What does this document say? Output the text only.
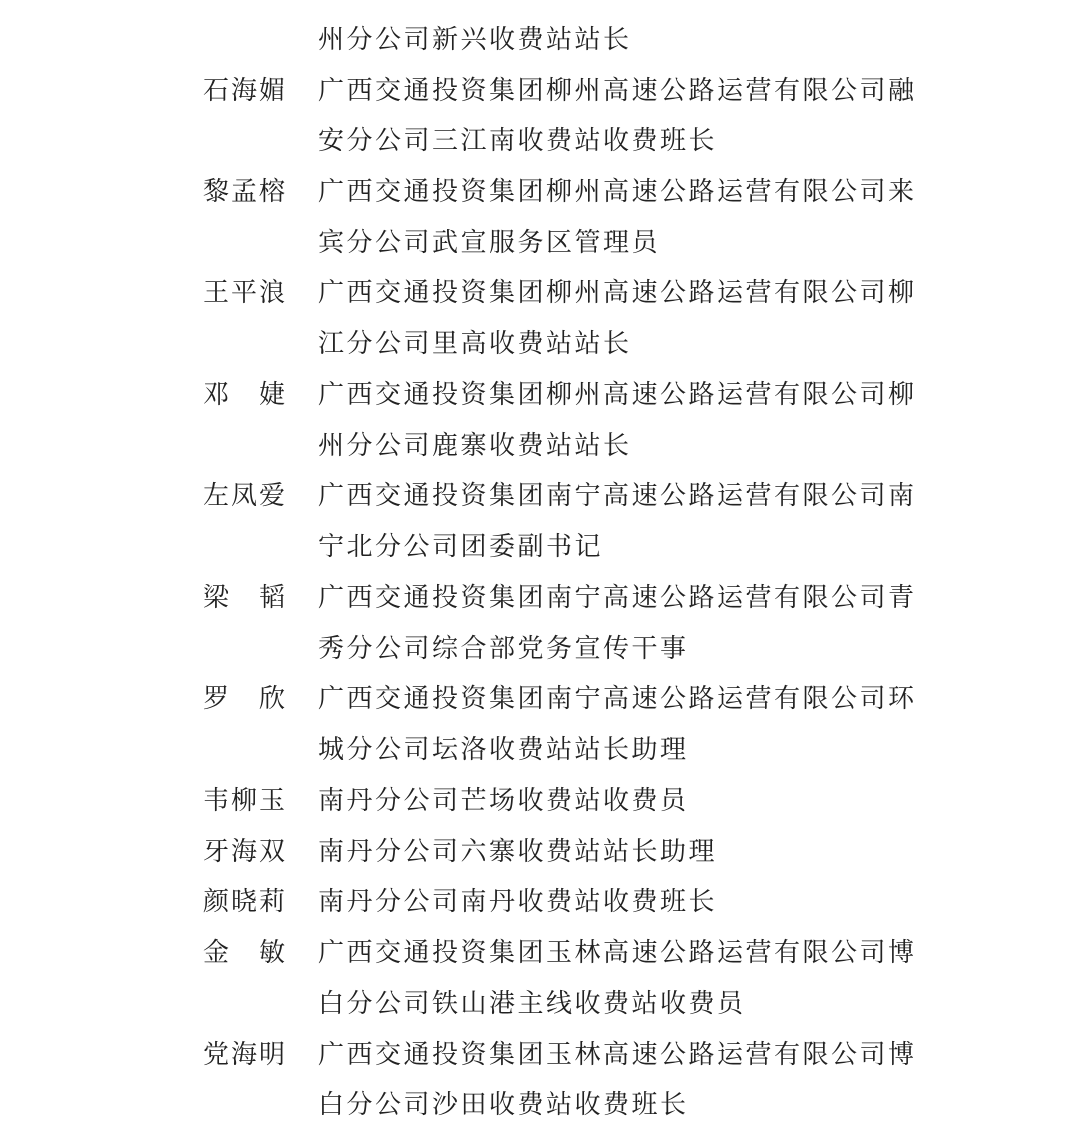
州分公司新兴收费站站长
石海媚 广西交通投资集团柳州高速公路运营有限公司融
安分公司三江南收费站收费班长
黎孟榕 广西交通投资集团柳州高速公路运营有限公司来
宾分公司武宣服务区管理员
王平浪 广西交通投资集团柳州高速公路运营有限公司柳
江分公司里高收费站站长
邓　婕 广西交通投资集团柳州高速公路运营有限公司柳
州分公司鹿寨收费站站长
左凤爱 广西交通投资集团南宁高速公路运营有限公司南
宁北分公司团委副书记
梁　韬 广西交通投资集团南宁高速公路运营有限公司青
秀分公司综合部党务宣传干事
罗　欣 广西交通投资集团南宁高速公路运营有限公司环
城分公司坛洛收费站站长助理
韦柳玉 南丹分公司芒场收费站收费员
牙海双 南丹分公司六寨收费站站长助理
颜晓莉 南丹分公司南丹收费站收费班长
金　敏 广西交通投资集团玉林高速公路运营有限公司博
白分公司铁山港主线收费站收费员
党海明 广西交通投资集团玉林高速公路运营有限公司博
白分公司沙田收费站收费班长
